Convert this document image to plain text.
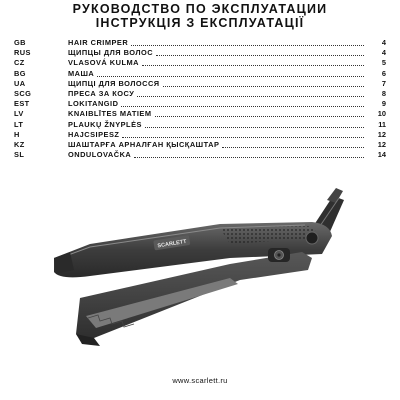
РУКОВОДСТВО ПО ЭКСПЛУАТАЦИИ
ІНСТРУКЦІЯ З ЕКСПЛУАТАЦІЇ
GB	HAIR CRIMPER	4
RUS	ЩИПЦЫ ДЛЯ ВОЛОС	4
CZ	VLASOVÁ KULMA	5
BG	МАША	6
UA	ЩИПЦІ ДЛЯ ВОЛОССЯ	7
SCG	ПРЕСА ЗА КОСУ	8
EST	LOKITANGID	9
LV	KNAIBLĪTES MATIEM	10
LT	PLAUKŲ ŽNYPLĖS	11
H	HAJCSIPESZ	12
KZ	ШАШТАРҒА АРНАЛҒАН ҚЫСҚАШТАР	12
SL	ONDULOVAČKA	14
SCARLETT
www.scarlett.ru
